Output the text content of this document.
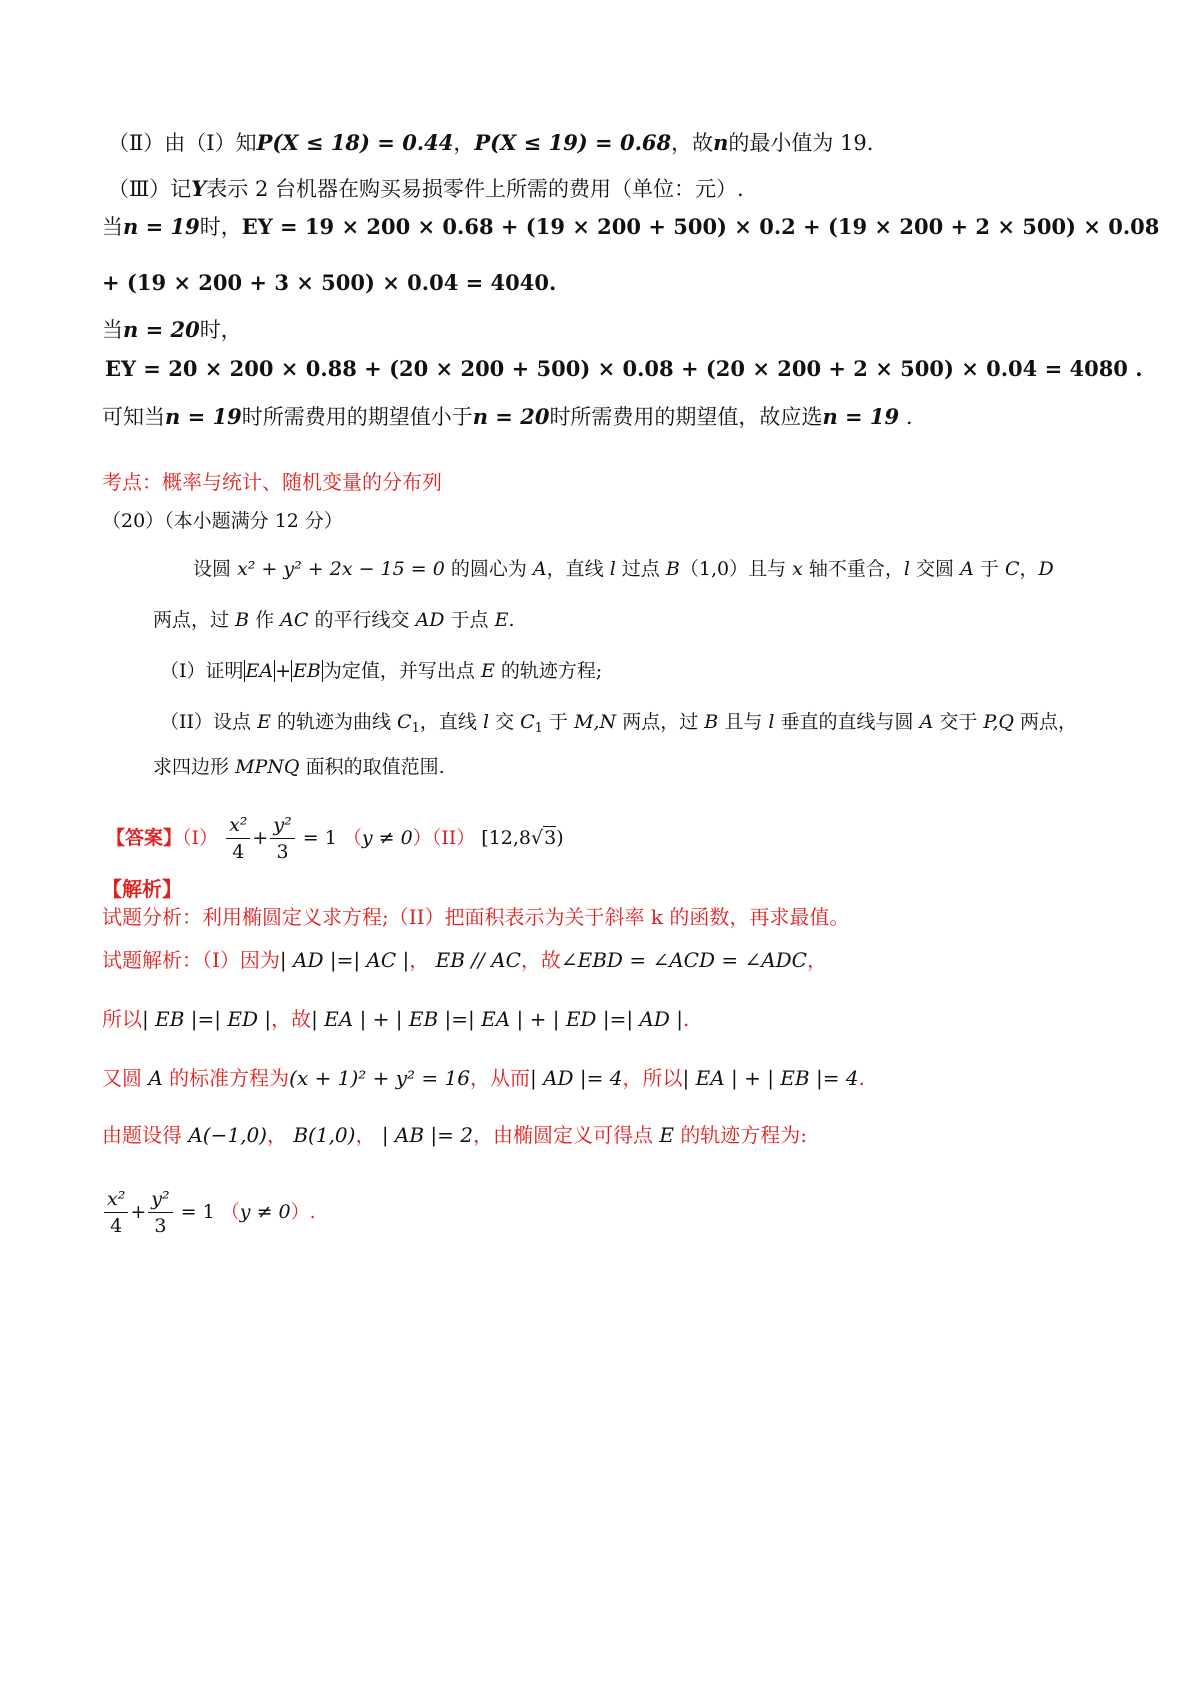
（Ⅱ）由（Ⅰ）知P(X ≤ 18) = 0.44，P(X ≤ 19) = 0.68，故n的最小值为 19.
（Ⅲ）记Y表示 2 台机器在购买易损零件上所需的费用（单位：元）.
当n = 19时，EY = 19 × 200 × 0.68 + (19 × 200 + 500) × 0.2 + (19 × 200 + 2 × 500) × 0.08
+ (19 × 200 + 3 × 500) × 0.04 = 4040.
当n = 20时，
EY = 20 × 200 × 0.88 + (20 × 200 + 500) × 0.08 + (20 × 200 + 2 × 500) × 0.04 = 4080 .
可知当n = 19时所需费用的期望值小于n = 20时所需费用的期望值，故应选n = 19 .
考点：概率与统计、随机变量的分布列
（20）（本小题满分 12 分）
设圆 x² + y² + 2x − 15 = 0 的圆心为 A，直线 l 过点 B（1,0）且与 x 轴不重合，l 交圆 A 于 C，D
两点，过 B 作 AC 的平行线交 AD 于点 E.
（I）证明 EA + EB 为定值，并写出点 E 的轨迹方程;
（II）设点 E 的轨迹为曲线 $C_1$，直线 l 交 $C_1$ 于 M,N 两点，过 B 且与 l 垂直的直线与圆 A 交于 P,Q 两点，
求四边形 MPNQ 面积的取值范围.
【答案】（Ⅰ） $\frac{\text{x²}}{4} + \frac{\text{y²}}{3} = 1$ （y ≠ 0）（II） [12,8√3)
【解析】
试题分析：利用椭圆定义求方程;（II）把面积表示为关于斜率 k 的函数，再求最值。
试题解析：（Ⅰ）因为| AD |=| AC |， EB // AC，故∠EBD = ∠ACD = ∠ADC，
所以| EB |=| ED |，故| EA | + | EB |=| EA | + | ED |=| AD |.
又圆 A 的标准方程为(x + 1)² + y² = 16，从而| AD |= 4，所以| EA | + | EB |= 4.
由题设得 A(−1,0)， B(1,0)， | AB |= 2，由椭圆定义可得点 E 的轨迹方程为:
$\frac{\text{x²}}{4} + \frac{\text{y²}}{3} = 1$ （y ≠ 0）.
